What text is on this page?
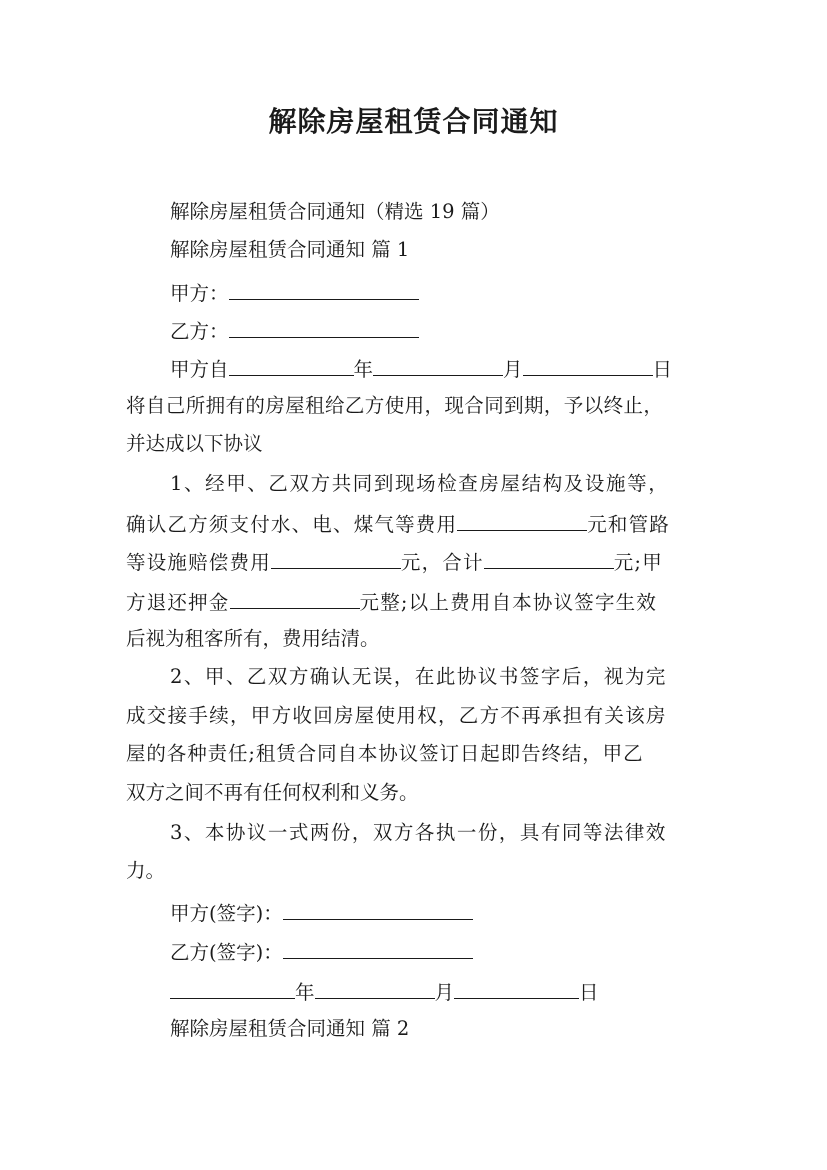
解除房屋租赁合同通知
解除房屋租赁合同通知（精选 19 篇）
解除房屋租赁合同通知 篇 1
甲方：
乙方：
甲方自	年	月	日
将自己所拥有的房屋租给乙方使用，现合同到期，予以终止，
并达成以下协议
1、经甲、乙双方共同到现场检查房屋结构及设施等，
确认乙方须支付水、电、煤气等费用	元和管路
等设施赔偿费用	元，合计	元;甲
方退还押金	元整;以上费用自本协议签字生效
后视为租客所有，费用结清。
2、甲、乙双方确认无误，在此协议书签字后，视为完
成交接手续，甲方收回房屋使用权，乙方不再承担有关该房
屋的各种责任;租赁合同自本协议签订日起即告终结，甲乙
双方之间不再有任何权利和义务。
3、本协议一式两份，双方各执一份，具有同等法律效
力。
甲方(签字)：
乙方(签字)：
年	月	日
解除房屋租赁合同通知 篇 2
